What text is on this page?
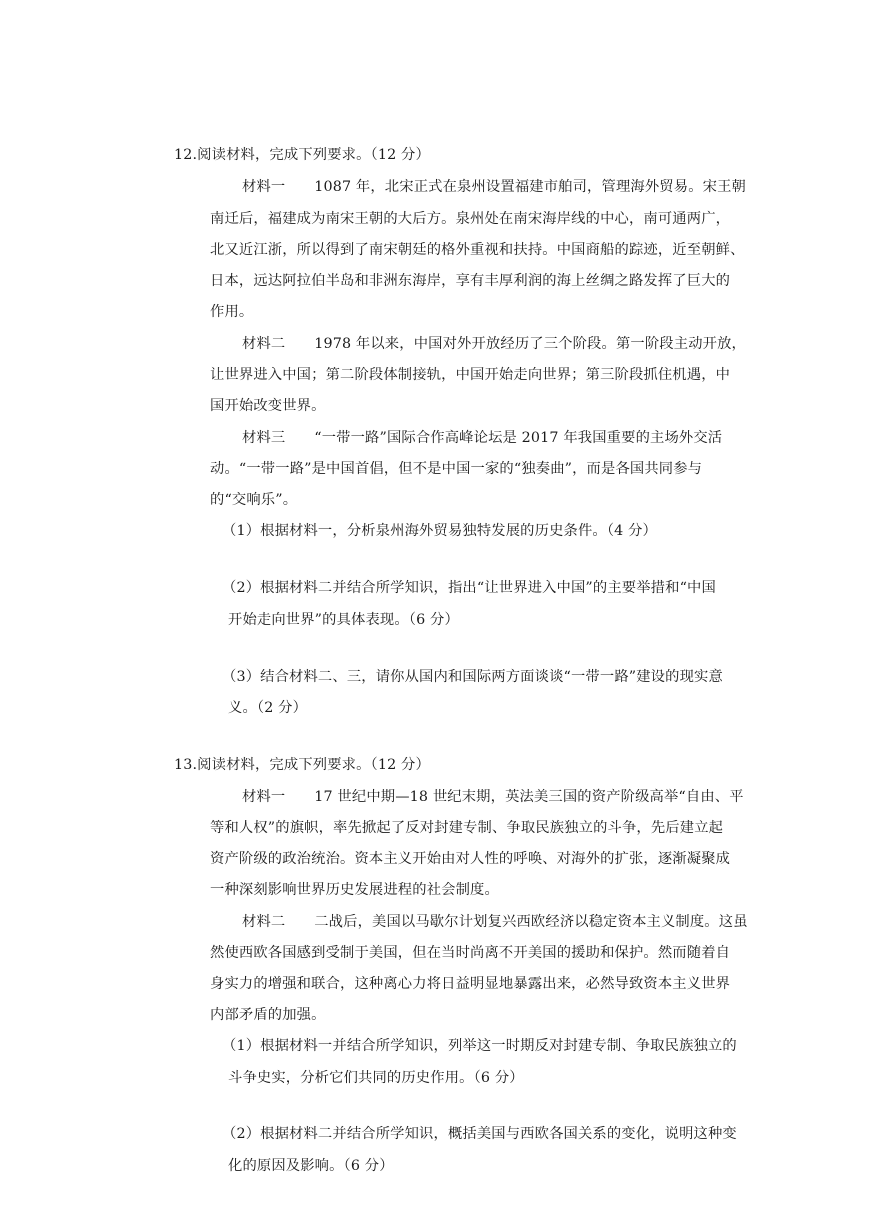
12.阅读材料，完成下列要求。（12 分）
材料一　　1087 年，北宋正式在泉州设置福建市舶司，管理海外贸易。宋王朝
南迁后，福建成为南宋王朝的大后方。泉州处在南宋海岸线的中心，南可通两广，
北又近江浙，所以得到了南宋朝廷的格外重视和扶持。中国商船的踪迹，近至朝鲜、
日本，远达阿拉伯半岛和非洲东海岸，享有丰厚利润的海上丝绸之路发挥了巨大的
作用。
材料二　　1978 年以来，中国对外开放经历了三个阶段。第一阶段主动开放，
让世界进入中国；第二阶段体制接轨，中国开始走向世界；第三阶段抓住机遇，中
国开始改变世界。
材料三　　“一带一路”国际合作高峰论坛是 2017 年我国重要的主场外交活
动。“一带一路”是中国首倡，但不是中国一家的“独奏曲”，而是各国共同参与
的“交响乐”。
（1）根据材料一，分析泉州海外贸易独特发展的历史条件。（4 分）
（2）根据材料二并结合所学知识，指出“让世界进入中国”的主要举措和“中国
开始走向世界”的具体表现。（6 分）
（3）结合材料二、三，请你从国内和国际两方面谈谈“一带一路”建设的现实意
义。（2 分）
13.阅读材料，完成下列要求。（12 分）
材料一　　17 世纪中期—18 世纪末期，英法美三国的资产阶级高举“自由、平
等和人权”的旗帜，率先掀起了反对封建专制、争取民族独立的斗争，先后建立起
资产阶级的政治统治。资本主义开始由对人性的呼唤、对海外的扩张，逐渐凝聚成
一种深刻影响世界历史发展进程的社会制度。
材料二　　二战后，美国以马歇尔计划复兴西欧经济以稳定资本主义制度。这虽
然使西欧各国感到受制于美国，但在当时尚离不开美国的援助和保护。然而随着自
身实力的增强和联合，这种离心力将日益明显地暴露出来，必然导致资本主义世界
内部矛盾的加强。
（1）根据材料一并结合所学知识，列举这一时期反对封建专制、争取民族独立的
斗争史实，分析它们共同的历史作用。（6 分）
（2）根据材料二并结合所学知识，概括美国与西欧各国关系的变化，说明这种变
化的原因及影响。（6 分）
